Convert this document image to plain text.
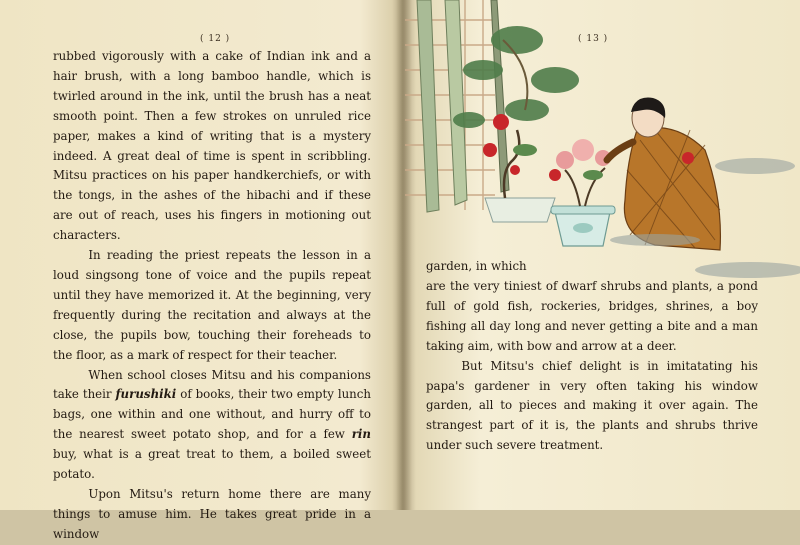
( 12 )

rubbed vigorously with a cake of Indian ink and a hair brush, with a long bamboo handle, which is twirled around in the ink, until the brush has a neat smooth point. Then a few strokes on unruled rice paper, makes a kind of writing that is a mystery indeed. A great deal of time is spent in scribbling. Mitsu practices on his paper handkerchiefs, or with the tongs, in the ashes of the hibachi and if these are out of reach, uses his fingers in motioning out characters.

In reading the priest repeats the lesson in a loud singsong tone of voice and the pupils repeat until they have memorized it. At the beginning, very frequently during the recitation and always at the close, the pupils bow, touching their foreheads to the floor, as a mark of respect for their teacher.

When school closes Mitsu and his companions take their furushiki of books, their two empty lunch bags, one within and one without, and hurry off to the nearest sweet potato shop, and for a few rin buy, what is a great treat to them, a boiled sweet potato.

Upon Mitsu's return home there are many things to amuse him. He takes great pride in a window

( 13 )
garden, in which

are the very tiniest of dwarf shrubs and plants, a pond full of gold fish, rockeries, bridges, shrines, a boy fishing all day long and never getting a bite and a man taking aim, with bow and arrow at a deer.

But Mitsu's chief delight is in imitatating his papa's gardener in very often taking his window garden, all to pieces and making it over again. The strangest part of it is, the plants and shrubs thrive under such severe treatment.
